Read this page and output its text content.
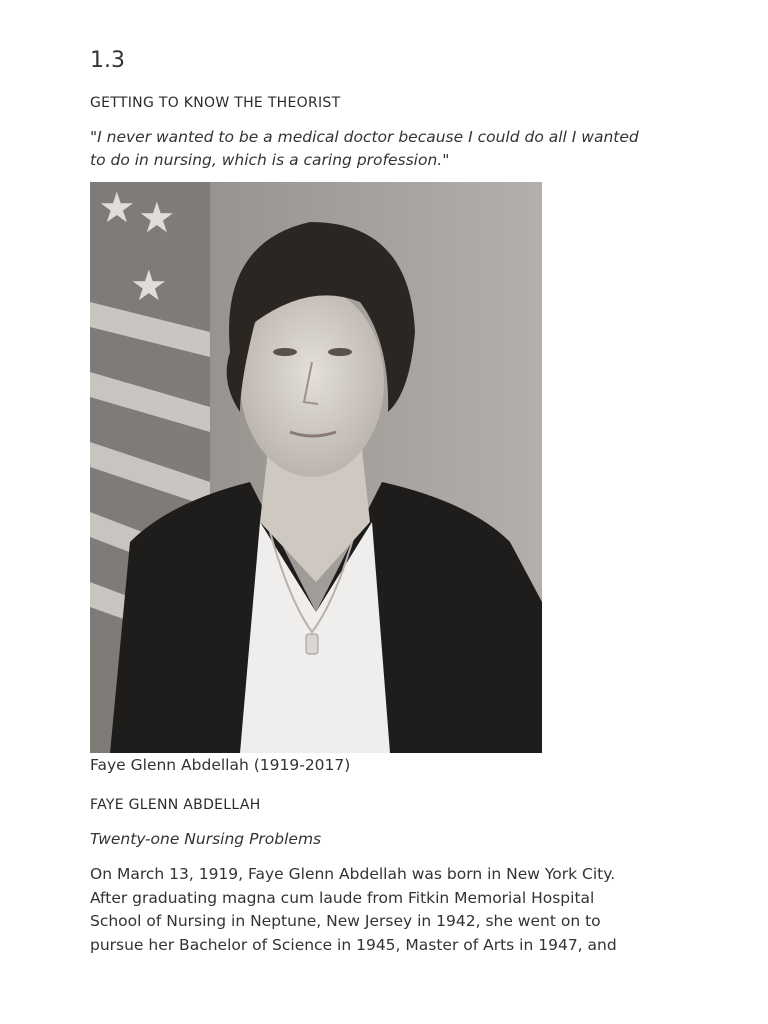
1.3
GETTING TO KNOW THE THEORIST
"I never wanted to be a medical doctor because I could do all I wanted to do in nursing, which is a caring profession."
★ ★
★
Faye Glenn Abdellah (1919-2017)
FAYE GLENN ABDELLAH
Twenty-one Nursing Problems
On March 13, 1919, Faye Glenn Abdellah was born in New York City.
After graduating magna cum laude from Fitkin Memorial Hospital
School of Nursing in Neptune, New Jersey in 1942, she went on to
pursue her Bachelor of Science in 1945, Master of Arts in 1947, and
